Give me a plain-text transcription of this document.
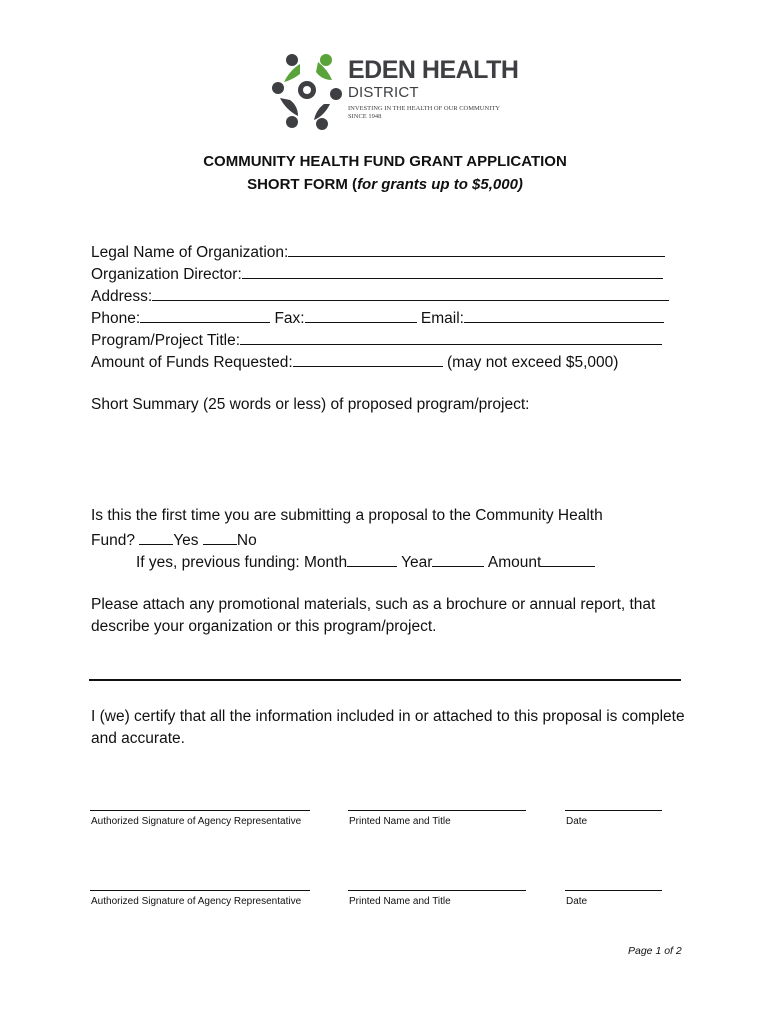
EDEN HEALTH
DISTRICT
INVESTING IN THE HEALTH OF OUR COMMUNITY
SINCE 1948
COMMUNITY HEALTH FUND GRANT APPLICATION
SHORT FORM (for grants up to $5,000)
Legal Name of Organization:
Organization Director:
Address:
Phone:	Fax:	Email:
Program/Project Title:
Amount of Funds Requested:	(may not exceed $5,000)
Short Summary (25 words or less) of proposed program/project:
Is this the first time you are submitting a proposal to the Community Health
Fund? Yes No
If yes, previous funding: Month	Year	Amount
Please attach any promotional materials, such as a brochure or annual report, that describe your organization or this program/project.
I (we) certify that all the information included in or attached to this proposal is complete and accurate.
Authorized Signature of Agency Representative	Printed Name and Title	Date
Authorized Signature of Agency Representative	Printed Name and Title	Date
Page 1 of 2
